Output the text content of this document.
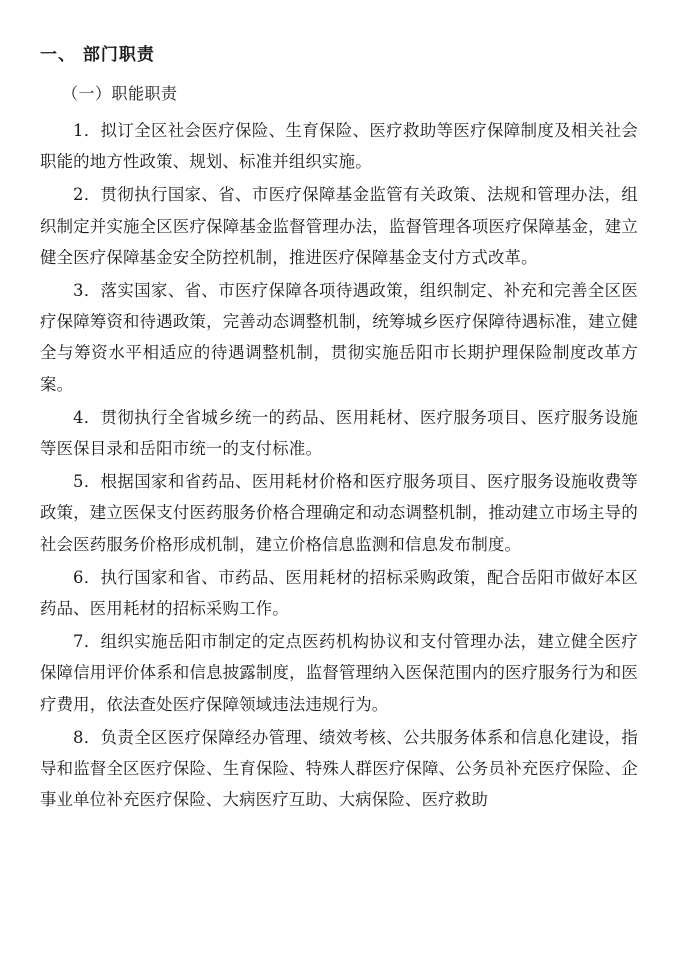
一、 部门职责
（一）职能职责

1．拟订全区社会医疗保险、生育保险、医疗救助等医疗保障制度及相关社会职能的地方性政策、规划、标准并组织实施。

2．贯彻执行国家、省、市医疗保障基金监管有关政策、法规和管理办法，组织制定并实施全区医疗保障基金监督管理办法，监督管理各项医疗保障基金，建立健全医疗保障基金安全防控机制，推进医疗保障基金支付方式改革。

3．落实国家、省、市医疗保障各项待遇政策，组织制定、补充和完善全区医疗保障筹资和待遇政策，完善动态调整机制，统筹城乡医疗保障待遇标准，建立健全与筹资水平相适应的待遇调整机制，贯彻实施岳阳市长期护理保险制度改革方案。

4．贯彻执行全省城乡统一的药品、医用耗材、医疗服务项目、医疗服务设施等医保目录和岳阳市统一的支付标准。

5．根据国家和省药品、医用耗材价格和医疗服务项目、医疗服务设施收费等政策，建立医保支付医药服务价格合理确定和动态调整机制，推动建立市场主导的社会医药服务价格形成机制，建立价格信息监测和信息发布制度。

6．执行国家和省、市药品、医用耗材的招标采购政策，配合岳阳市做好本区药品、医用耗材的招标采购工作。

7．组织实施岳阳市制定的定点医药机构协议和支付管理办法，建立健全医疗保障信用评价体系和信息披露制度，监督管理纳入医保范围内的医疗服务行为和医疗费用，依法查处医疗保障领域违法违规行为。

8．负责全区医疗保障经办管理、绩效考核、公共服务体系和信息化建设，指导和监督全区医疗保险、生育保险、特殊人群医疗保障、公务员补充医疗保险、企事业单位补充医疗保险、大病医疗互助、大病保险、医疗救助
